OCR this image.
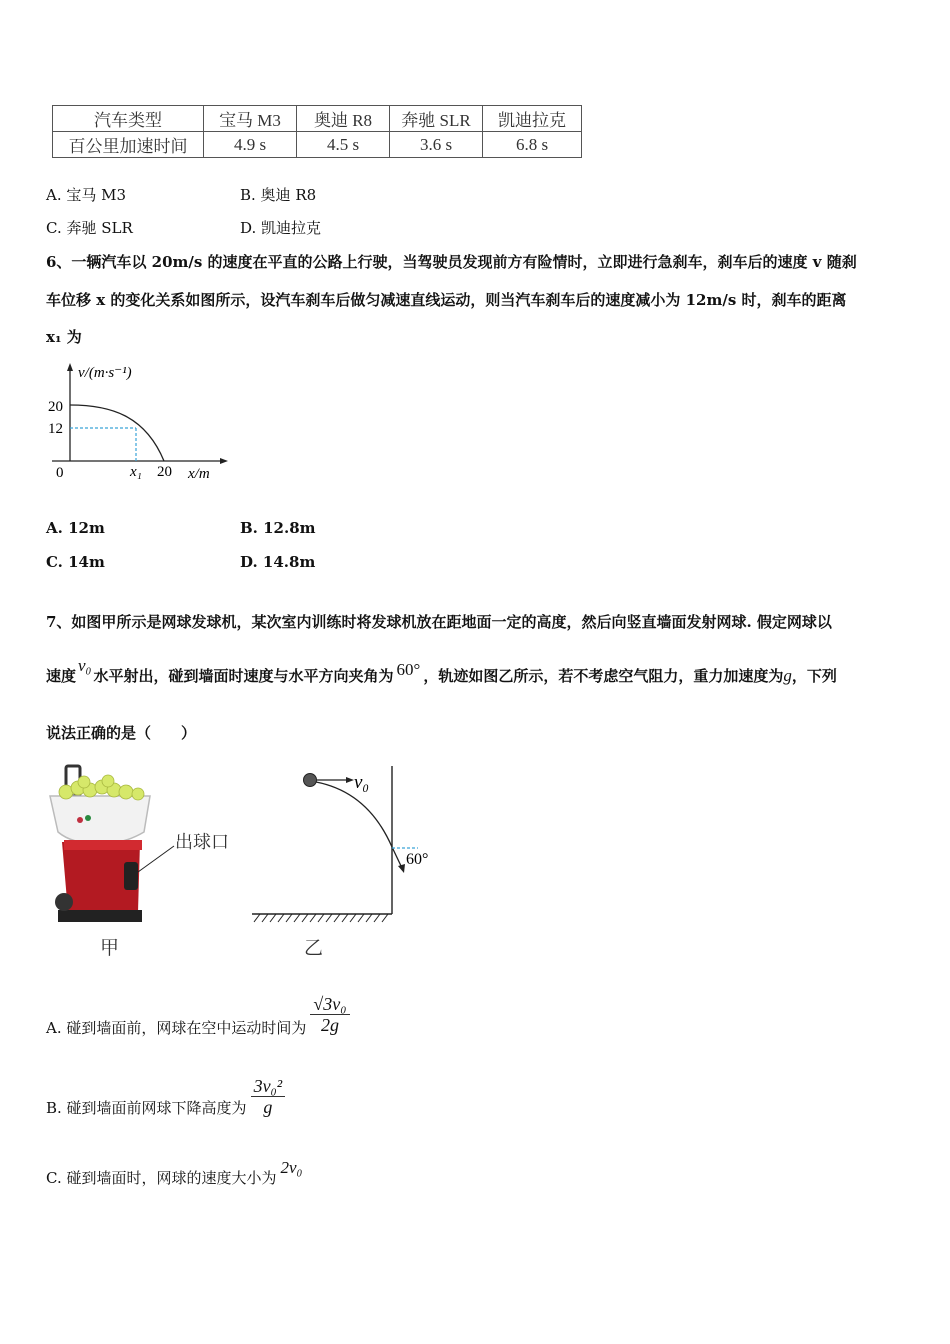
汽车类型	宝马 M3	奥迪 R8	奔驰 SLR	凯迪拉克
百公里加速时间	4.9 s	4.5 s	3.6 s	6.8 s
A. 宝马 M3	B. 奥迪 R8
C. 奔驰 SLR	D. 凯迪拉克
6、一辆汽车以 20m/s 的速度在平直的公路上行驶，当驾驶员发现前方有险情时，立即进行急刹车，刹车后的速度 v 随刹
车位移 x 的变化关系如图所示，设汽车刹车后做匀减速直线运动，则当汽车刹车后的速度减小为 12m/s 时，刹车的距离
x₁ 为
v/(m·s⁻¹)
20
12
0	x₁ 20 x/m
A. 12m	B. 12.8m
C. 14m	D. 14.8m
7、如图甲所示是网球发球机，某次室内训练时将发球机放在距地面一定的高度，然后向竖直墙面发射网球. 假定网球以
速度v₀水平射出，碰到墙面时速度与水平方向夹角为 60° ，轨迹如图乙所示，若不考虑空气阻力，重力加速度为g，下列
说法正确的是（　　）
出球口
甲
v₀
60°
乙
A. 碰到墙面前，网球在空中运动时间为 $\frac{\text{√3v₀}}{2g}$
B. 碰到墙面前网球下降高度为 $\frac{\text{3v₀²}}{g}$
C. 碰到墙面时，网球的速度大小为2v₀
